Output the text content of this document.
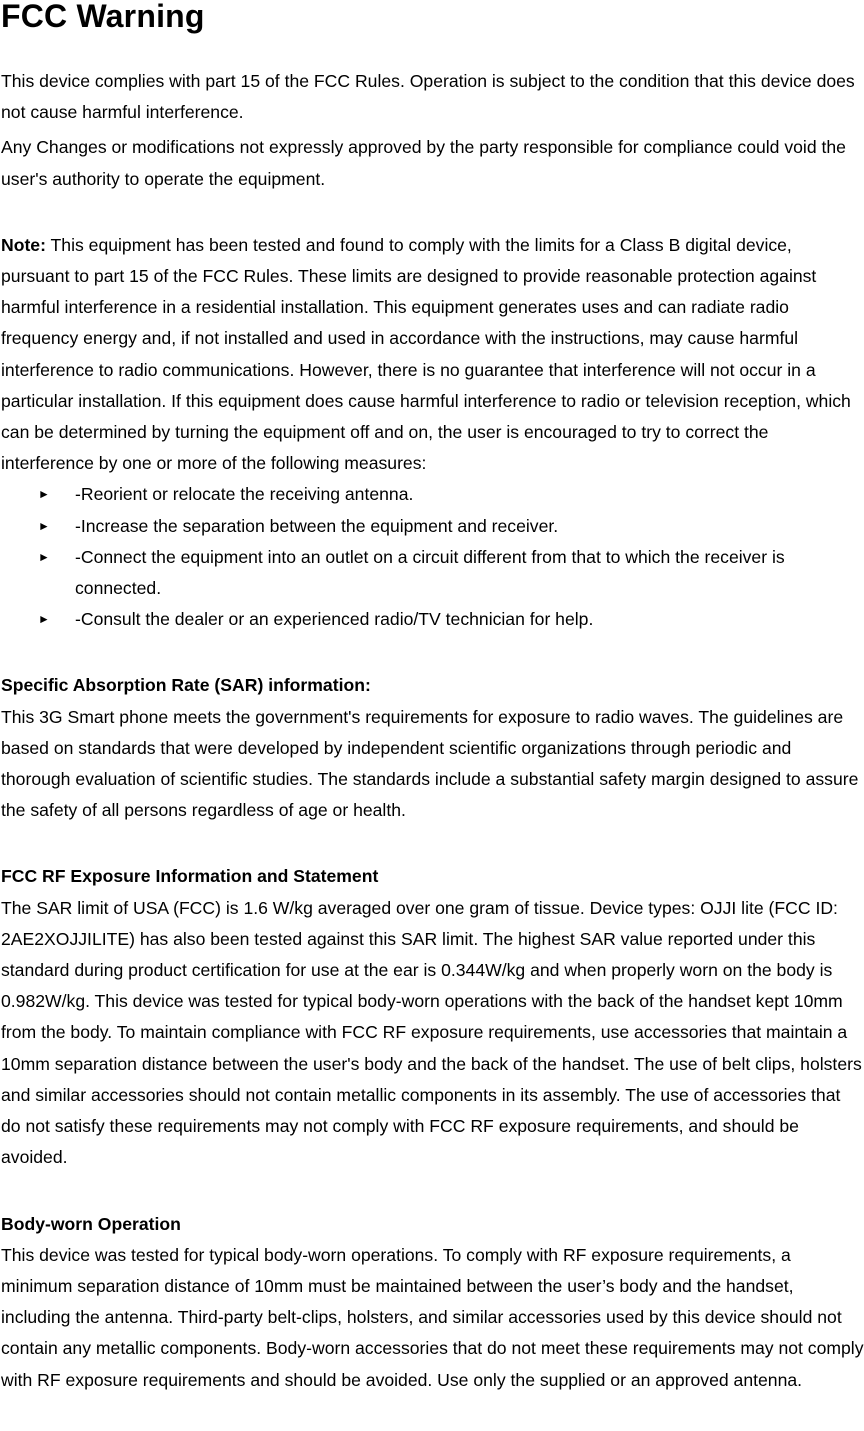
FCC Warning

This device complies with part 15 of the FCC Rules. Operation is subject to the condition that this device does not cause harmful interference.

Any Changes or modifications not expressly approved by the party responsible for compliance could void the user's authority to operate the equipment.

Note: This equipment has been tested and found to comply with the limits for a Class B digital device, pursuant to part 15 of the FCC Rules. These limits are designed to provide reasonable protection against harmful interference in a residential installation. This equipment generates uses and can radiate radio frequency energy and, if not installed and used in accordance with the instructions, may cause harmful interference to radio communications. However, there is no guarantee that interference will not occur in a particular installation. If this equipment does cause harmful interference to radio or television reception, which can be determined by turning the equipment off and on, the user is encouraged to try to correct the interference by one or more of the following measures:

► -Reorient or relocate the receiving antenna.
► -Increase the separation between the equipment and receiver.
► -Connect the equipment into an outlet on a circuit different from that to which the receiver is connected.
► -Consult the dealer or an experienced radio/TV technician for help.
Specific Absorption Rate (SAR) information:

This 3G Smart phone meets the government's requirements for exposure to radio waves. The guidelines are based on standards that were developed by independent scientific organizations through periodic and thorough evaluation of scientific studies. The standards include a substantial safety margin designed to assure the safety of all persons regardless of age or health.

FCC RF Exposure Information and Statement

The SAR limit of USA (FCC) is 1.6 W/kg averaged over one gram of tissue. Device types: OJJI lite (FCC ID: 2AE2XOJJILITE) has also been tested against this SAR limit. The highest SAR value reported under this standard during product certification for use at the ear is 0.344W/kg and when properly worn on the body is 0.982W/kg. This device was tested for typical body-worn operations with the back of the handset kept 10mm from the body. To maintain compliance with FCC RF exposure requirements, use accessories that maintain a 10mm separation distance between the user's body and the back of the handset. The use of belt clips, holsters and similar accessories should not contain metallic components in its assembly. The use of accessories that do not satisfy these requirements may not comply with FCC RF exposure requirements, and should be avoided.

Body-worn Operation

This device was tested for typical body-worn operations. To comply with RF exposure requirements, a minimum separation distance of 10mm must be maintained between the user’s body and the handset, including the antenna. Third-party belt-clips, holsters, and similar accessories used by this device should not contain any metallic components. Body-worn accessories that do not meet these requirements may not comply with RF exposure requirements and should be avoided. Use only the supplied or an approved antenna.
